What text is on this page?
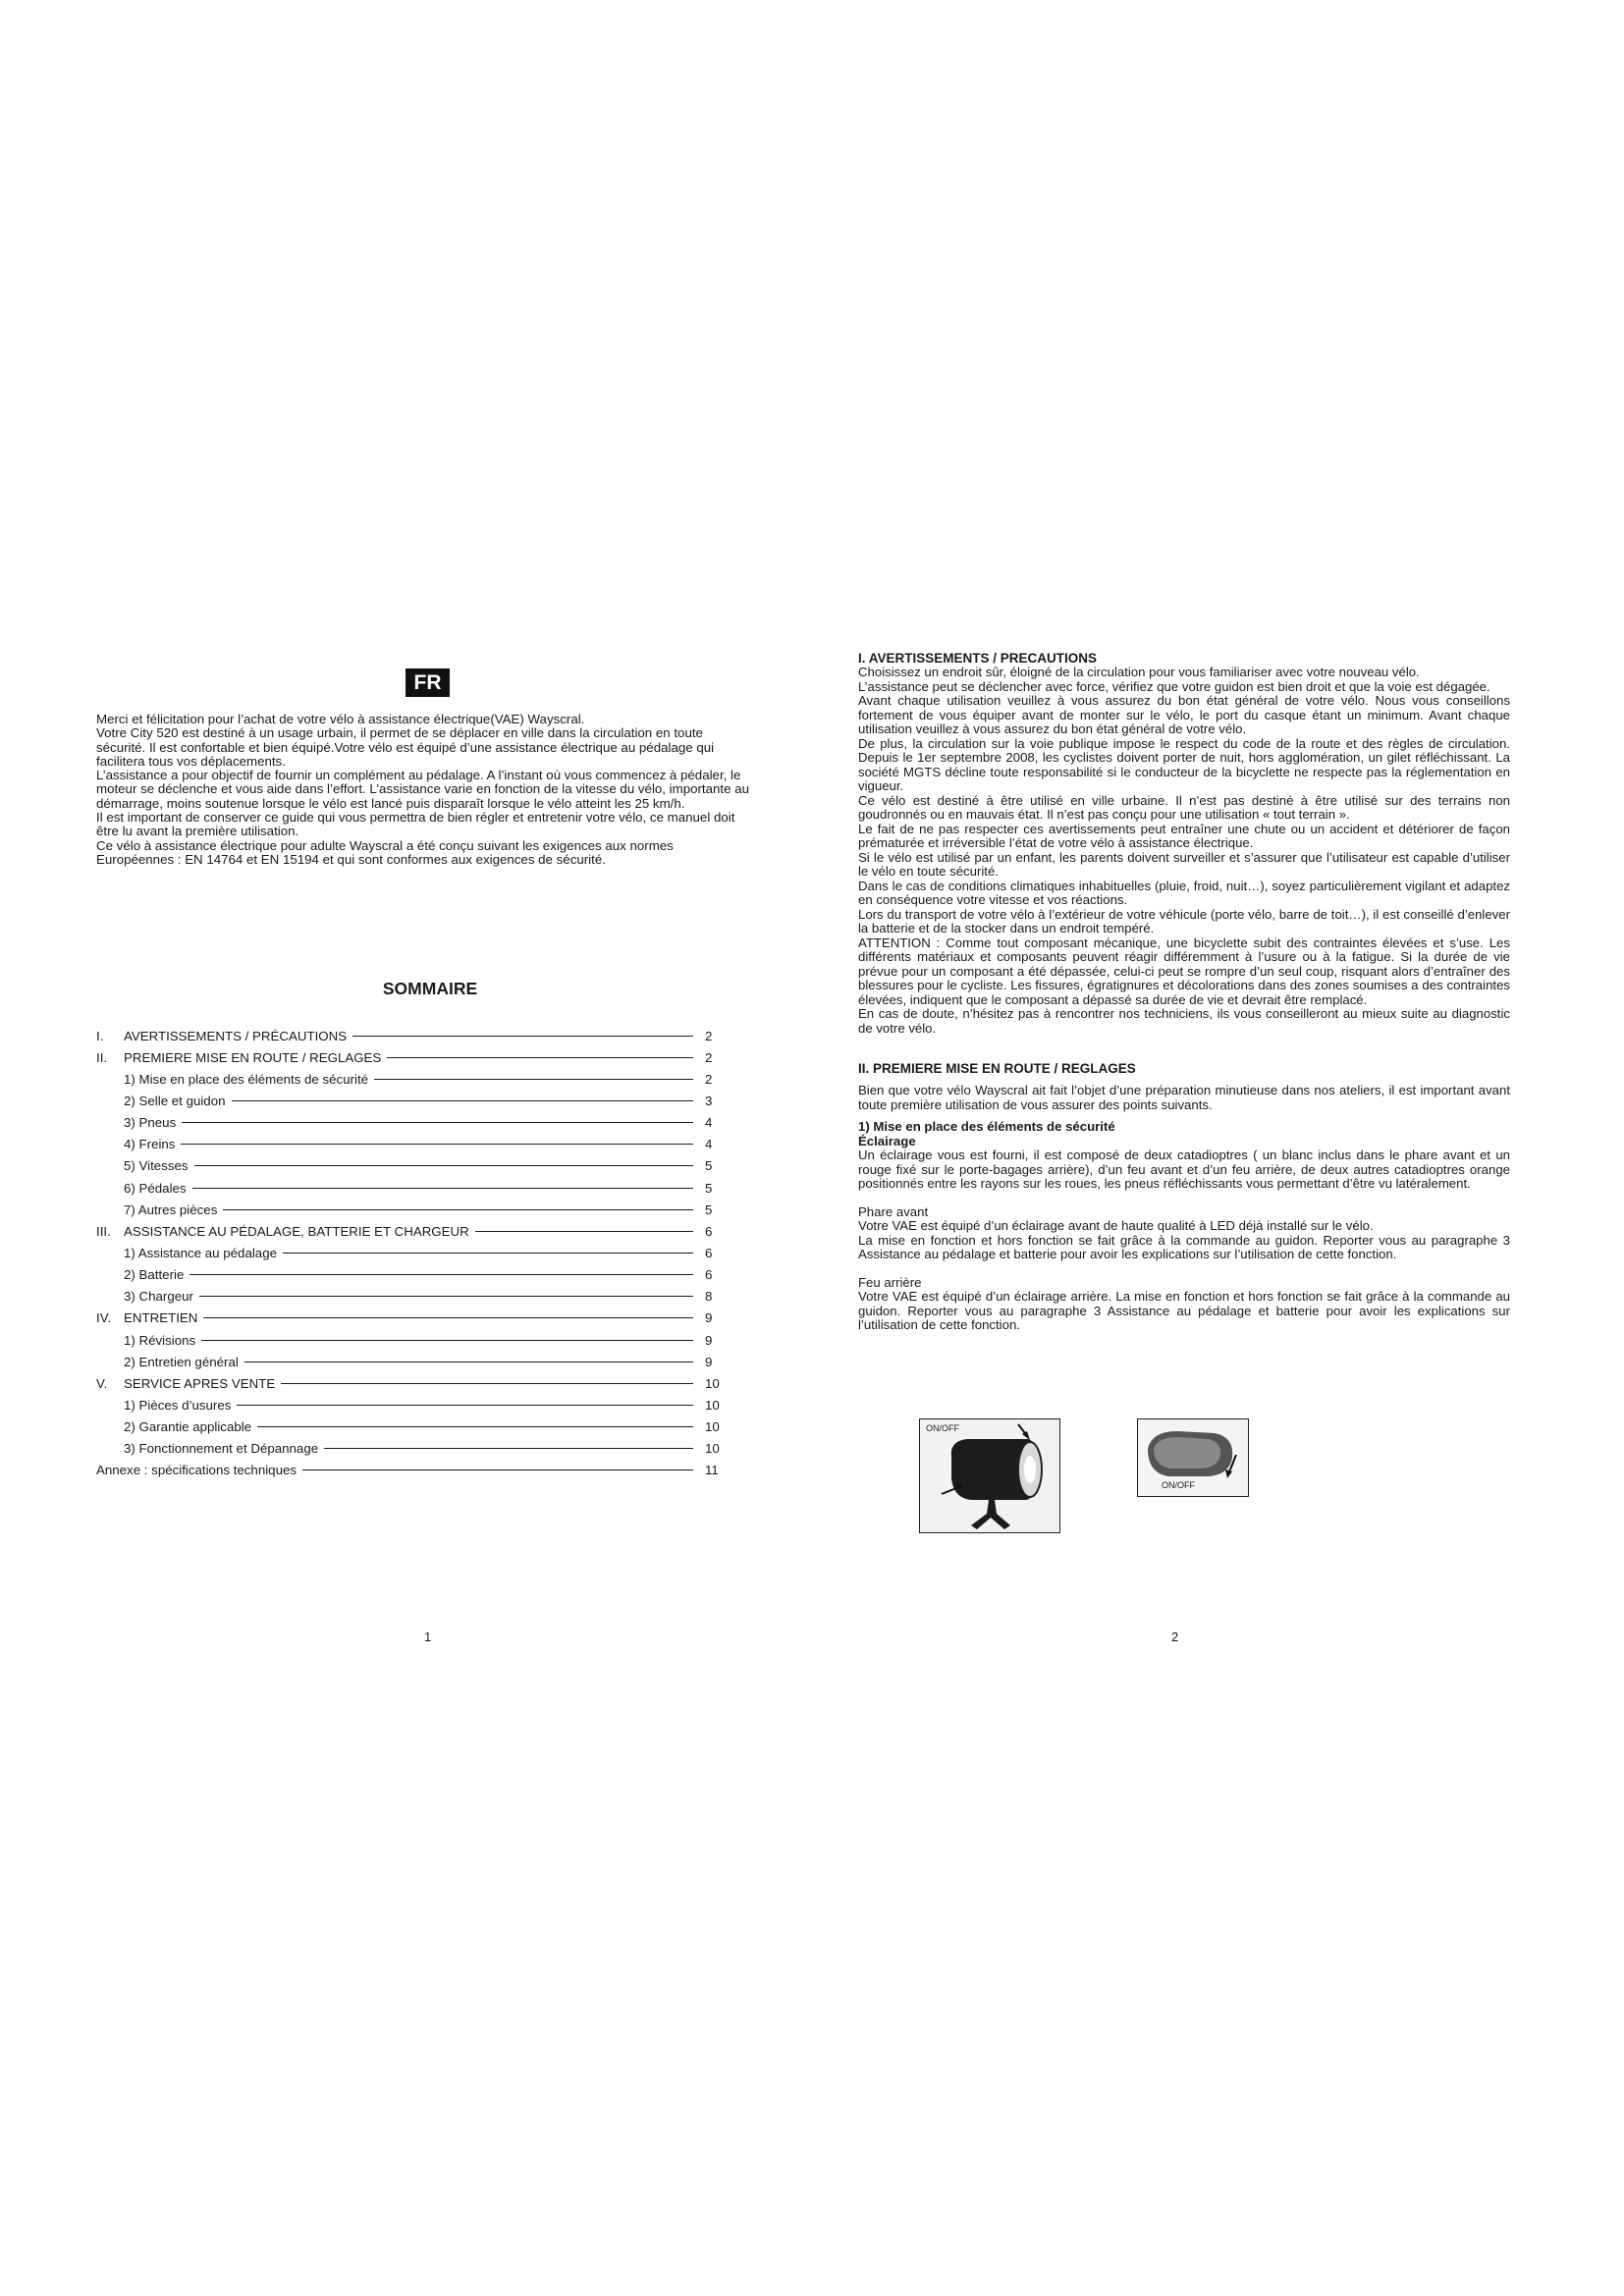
FR

Merci et félicitation pour l’achat de votre vélo à assistance électrique(VAE) Wayscral.

Votre City 520 est destiné à un usage urbain, il permet de se déplacer en ville dans la circulation en toute sécurité. Il est confortable et bien équipé.Votre vélo est équipé d’une assistance électrique au pédalage qui facilitera tous vos déplacements.

L’assistance a pour objectif de fournir un complément au pédalage. A l’instant où vous commencez à pédaler, le moteur se déclenche et vous aide dans l’effort. L’assistance varie en fonction de la vitesse du vélo, importante au démarrage, moins soutenue lorsque le vélo est lancé puis disparaît lorsque le vélo atteint les 25 km/h.

Il est important de conserver ce guide qui vous permettra de bien régler et entretenir votre vélo, ce manuel doit être lu avant la première utilisation.

Ce vélo à assistance électrique pour adulte Wayscral a été conçu suivant les exigences aux normes Européennes : EN 14764 et EN 15194 et qui sont conformes aux exigences de sécurité.

SOMMAIRE
I.	AVERTISSEMENTS / PRÉCAUTIONS	2
II.	PREMIERE MISE EN ROUTE / REGLAGES	2
1) Mise en place des éléments de sécurité	2
2) Selle et guidon	3
3) Pneus	4
4) Freins	4
5) Vitesses	5
6) Pédales	5
7) Autres pièces	5
III. ASSISTANCE AU PÉDALAGE, BATTERIE ET CHARGEUR	6
1) Assistance au pédalage	6
2) Batterie	6
3) Chargeur	8
IV. ENTRETIEN	9
1) Révisions	9
2) Entretien général	9
V.	SERVICE APRES VENTE	10
1) Pièces d’usures	10
2) Garantie applicable	10
3) Fonctionnement et Dépannage	10
Annexe : spécifications techniques	11
1	2
I. AVERTISSEMENTS / PRECAUTIONS

Choisissez un endroit sûr, éloigné de la circulation pour vous familiariser avec votre nouveau vélo.

L’assistance peut se déclencher avec force, vérifiez que votre guidon est bien droit et que la voie est dégagée.

Avant chaque utilisation veuillez à vous assurez du bon état général de votre vélo. Nous vous conseillons fortement de vous équiper avant de monter sur le vélo, le port du casque étant un minimum. Avant chaque utilisation veuillez à vous assurez du bon état général de votre vélo.

De plus, la circulation sur la voie publique impose le respect du code de la route et des règles de circulation. Depuis le 1er septembre 2008, les cyclistes doivent porter de nuit, hors agglomération, un gilet réfléchissant. La société MGTS décline toute responsabilité si le conducteur de la bicyclette ne respecte pas la réglementation en vigueur.

Ce vélo est destiné à être utilisé en ville urbaine. Il n’est pas destiné à être utilisé sur des terrains non goudronnés ou en mauvais état. Il n’est pas conçu pour une utilisation « tout terrain ».

Le fait de ne pas respecter ces avertissements peut entraîner une chute ou un accident et détériorer de façon prématurée et irréversible l’état de votre vélo à assistance électrique.

Si le vélo est utilisé par un enfant, les parents doivent surveiller et s’assurer que l’utilisateur est capable d’utiliser le vélo en toute sécurité.

Dans le cas de conditions climatiques inhabituelles (pluie, froid, nuit…), soyez particulièrement vigilant et adaptez en conséquence votre vitesse et vos réactions.

Lors du transport de votre vélo à l’extérieur de votre véhicule (porte vélo, barre de toit…), il est conseillé d’enlever la batterie et de la stocker dans un endroit tempéré.

ATTENTION : Comme tout composant mécanique, une bicyclette subit des contraintes élevées et s’use. Les différents matériaux et composants peuvent réagir différemment à l’usure ou à la fatigue. Si la durée de vie prévue pour un composant a été dépassée, celui-ci peut se rompre d’un seul coup, risquant alors d’entraîner des blessures pour le cycliste. Les fissures, égratignures et décolorations dans des zones soumises a des contraintes élevées, indiquent que le composant a dépassé sa durée de vie et devrait être remplacé.

En cas de doute, n’hésitez pas à rencontrer nos techniciens, ils vous conseilleront au mieux suite au diagnostic de votre vélo.

II. PREMIERE MISE EN ROUTE / REGLAGES

Bien que votre vélo Wayscral ait fait l’objet d’une préparation minutieuse dans nos ateliers, il est important avant toute première utilisation de vous assurer des points suivants.

1) Mise en place des éléments de sécurité
Éclairage

Un éclairage vous est fourni, il est composé de deux catadioptres ( un blanc inclus dans le phare avant et un rouge fixé sur le porte-bagages arrière), d’un feu avant et d’un feu arrière, de deux autres catadioptres orange positionnés entre les rayons sur les roues, les pneus réfléchissants vous permettant d’être vu latéralement.

Phare avant

Votre VAE est équipé d’un éclairage avant de haute qualité à LED déjà installé sur le vélo.

La mise en fonction et hors fonction se fait grâce à la commande au guidon. Reporter vous au paragraphe 3 Assistance au pédalage et batterie pour avoir les explications sur l’utilisation de cette fonction.

Feu arrière

Votre VAE est équipé d’un éclairage arrière. La mise en fonction et hors fonction se fait grâce à la commande au guidon. Reporter vous au paragraphe 3 Assistance au pédalage et batterie pour avoir les explications sur l’utilisation de cette fonction.

ON/OFF
ON/OFF
